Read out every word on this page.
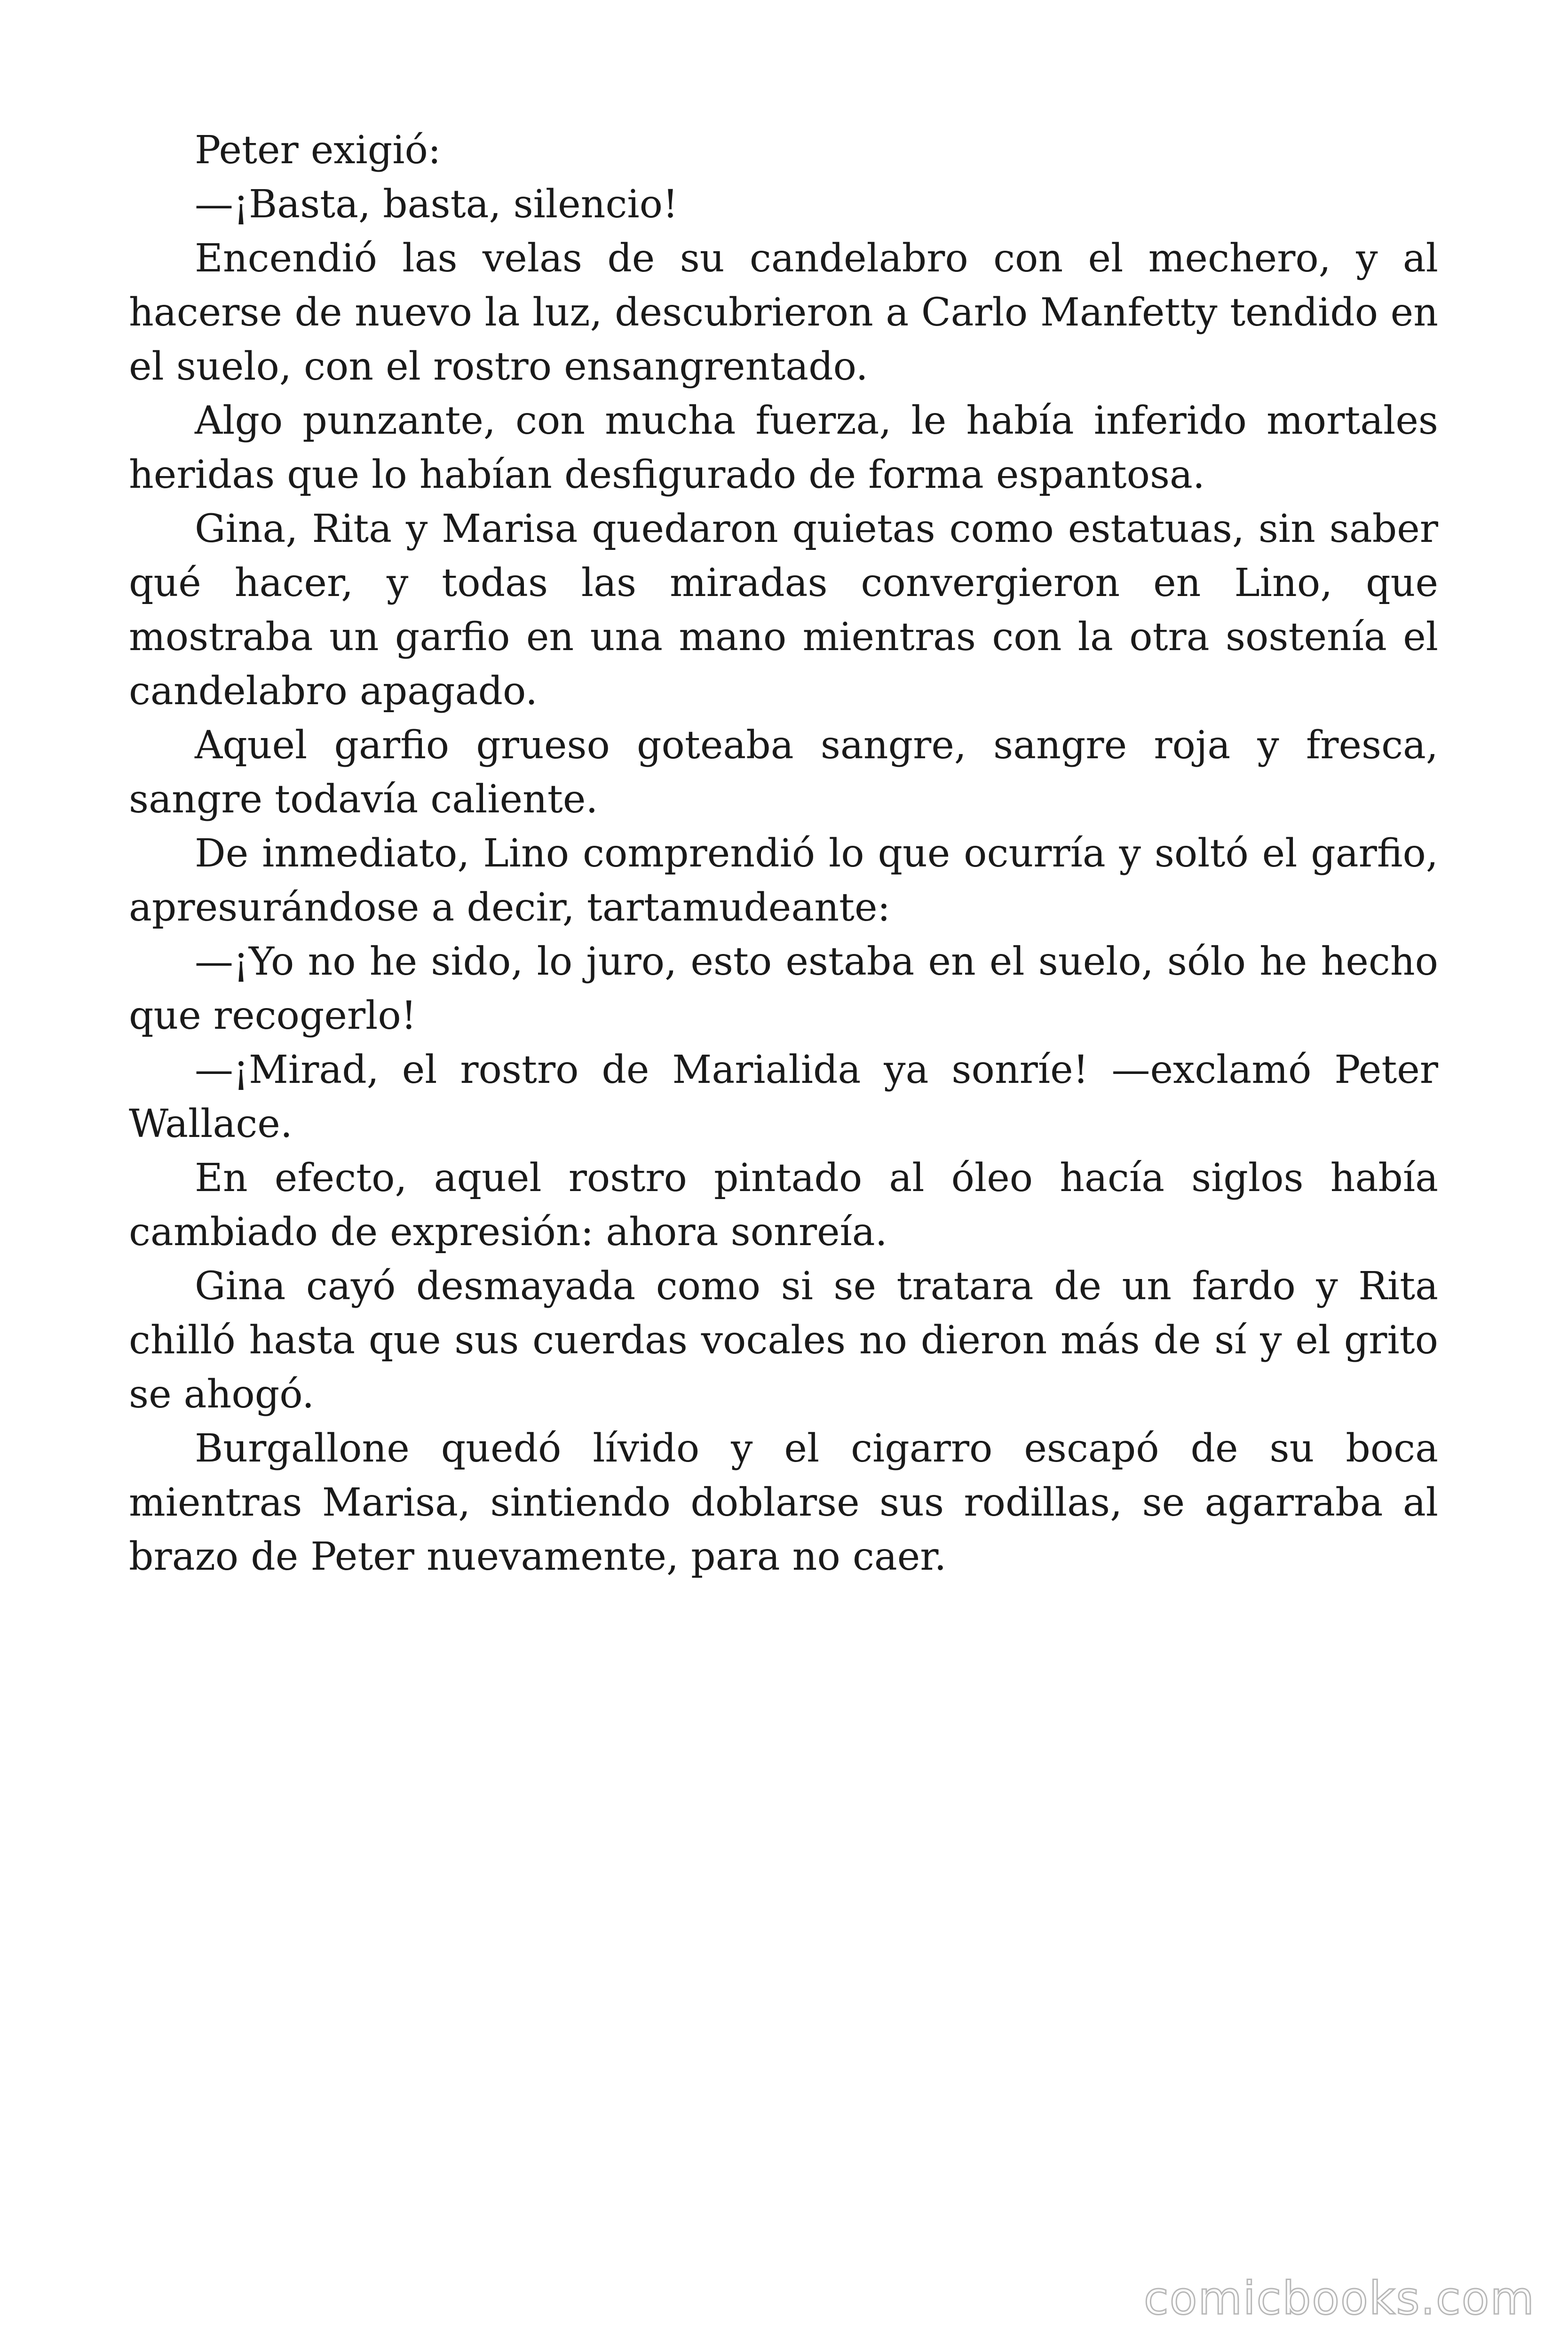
Peter exigió:

—¡Basta, basta, silencio!

Encendió las velas de su candelabro con el mechero, y al hacerse de nuevo la luz, descubrieron a Carlo Manfetty tendido en el suelo, con el rostro ensangrentado.

Algo punzante, con mucha fuerza, le había inferido mortales heridas que lo habían desfigurado de forma espantosa.

Gina, Rita y Marisa quedaron quietas como estatuas, sin saber qué hacer, y todas las miradas convergieron en Lino, que mostraba un garfio en una mano mientras con la otra sostenía el candelabro apagado.

Aquel garfio grueso goteaba sangre, sangre roja y fresca, sangre todavía caliente.

De inmediato, Lino comprendió lo que ocurría y soltó el garfio, apresurándose a decir, tartamudeante:

—¡Yo no he sido, lo juro, esto estaba en el suelo, sólo he hecho que recogerlo!

—¡Mirad, el rostro de Marialida ya sonríe! —exclamó Peter Wallace.

En efecto, aquel rostro pintado al óleo hacía siglos había cambiado de expresión: ahora sonreía.

Gina cayó desmayada como si se tratara de un fardo y Rita chilló hasta que sus cuerdas vocales no dieron más de sí y el grito se ahogó.

Burgallone quedó lívido y el cigarro escapó de su boca mientras Marisa, sintiendo doblarse sus rodillas, se agarraba al brazo de Peter nuevamente, para no caer.

comicbooks.com
